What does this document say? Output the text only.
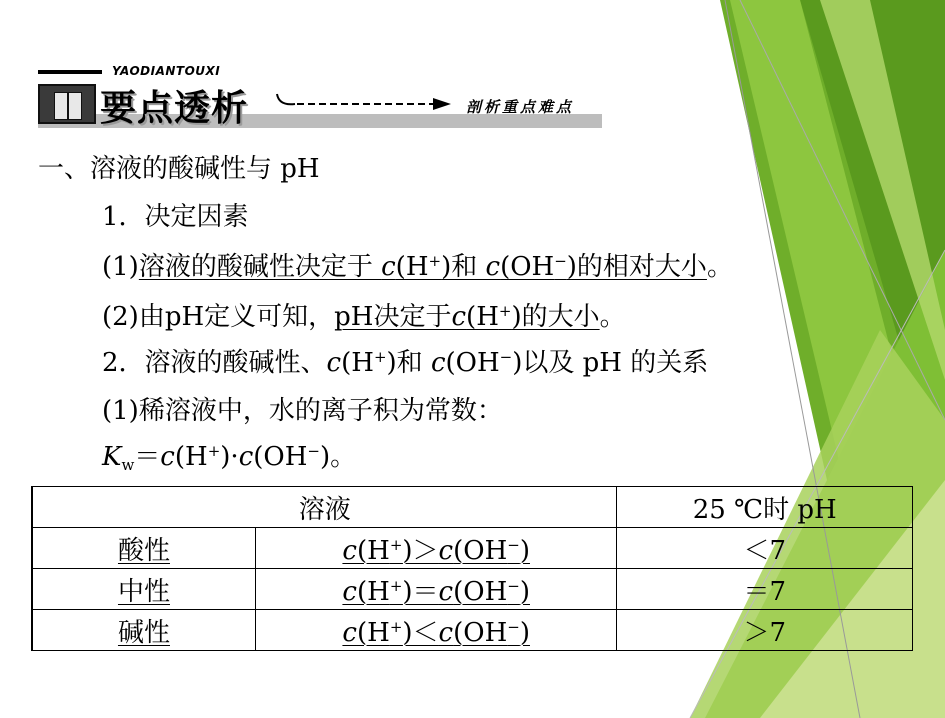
YAODIANTOUXI
要点透析	剖析重点难点
一、溶液的酸碱性与 pH
1．决定因素
(1)溶液的酸碱性决定于 c(H+)和 c(OH−)的相对大小。
(2)由pH定义可知，pH决定于c(H+)的大小。
2．溶液的酸碱性、c(H+)和 c(OH−)以及 pH 的关系
(1)稀溶液中，水的离子积为常数：
$K_w=c(H^+)\cdot c(OH^-)$。
溶液		25 ℃时 pH
酸性	c(H+)＞c(OH−)	＜7
中性	c(H+)＝c(OH−)	＝7
碱性	c(H+)＜c(OH−)	＞7
